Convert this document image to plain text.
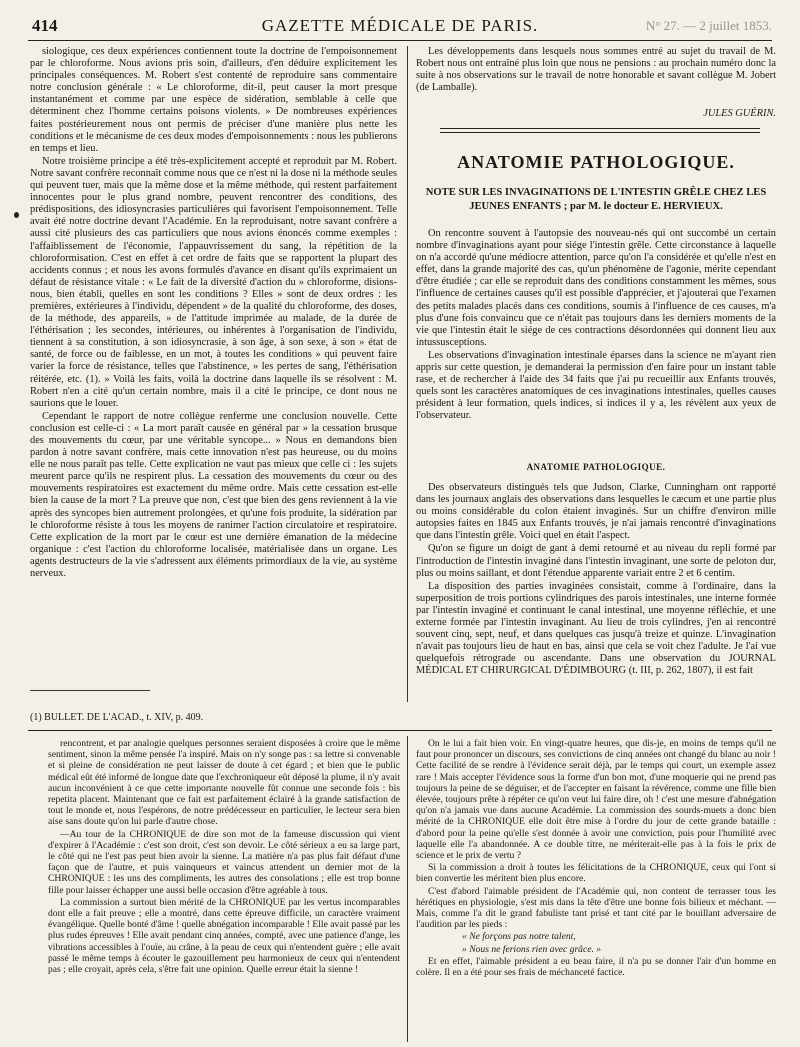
414	GAZETTE MÉDICALE DE PARIS.	N° 27. — 2 juillet 1853.

siologique, ces deux expériences contiennent toute la doctrine de l'empoisonnement par le chloroforme. Nous avions pris soin, d'ailleurs, d'en déduire explicitement les principales conséquences. M. Robert s'est contenté de reproduire sans commentaire notre conclusion générale : « Le chloroforme, dit-il, peut causer la mort presque instantanément et comme par une espèce de sidération, semblable à celle que déterminent chez l'homme certains poisons violents. » De nombreuses expériences faites postérieurement nous ont permis de préciser d'une manière plus nette les conditions et le mécanisme de ces deux modes d'empoisonnements : nous les publierons en temps et lieu.

Notre troisième principe a été très-explicitement accepté et reproduit par M. Robert. Notre savant confrère reconnaît comme nous que ce n'est ni la dose ni la méthode seules qui peuvent tuer, mais que la même dose et la même méthode, qui restent parfaitement innocentes pour le plus grand nombre, peuvent rencontrer des conditions, des prédispositions, des idiosyncrasies particulières qui favorisent l'empoisonnement. Telle avait été notre doctrine devant l'Académie. En la reproduisant, notre savant confrère a aussi cité plusieurs des cas particuliers que nous avions énoncés comme exemples : l'affaiblissement de l'économie, l'appauvrissement du sang, la répétition de la chloroformisation. C'est en effet à cet ordre de faits que se rapportent la plupart des accidents connus ; et nous les avons formulés d'avance en disant qu'ils exprimaient un défaut de résistance vitale : « Le fait de la diversité d'action du » chloroforme, disions-nous, bien établi, quelles en sont les conditions ? Elles » sont de deux ordres : les premières, extérieures à l'individu, dépendent » de la qualité du chloroforme, des doses, de la méthode, des appareils, » de l'attitude imprimée au malade, de la durée de l'éthérisation ; les secondes, intérieures, ou inhérentes à l'organisation de l'individu, tiennent à sa constitution, à son idiosyncrasie, à son âge, à son sexe, à son » état de santé, de force ou de faiblesse, en un mot, à toutes les conditions » qui peuvent faire varier la force de résistance, telles que l'abstinence, » les pertes de sang, l'éthérisation réitérée, etc. (1). » Voilà les faits, voilà la doctrine dans laquelle ils se résolvent : M. Robert n'en a cité qu'un certain nombre, mais il a cité le principe, ce dont nous ne saurions que le louer.

Cependant le rapport de notre collègue renferme une conclusion nouvelle. Cette conclusion est celle-ci : « La mort paraît causée en général par » la cessation brusque des mouvements du cœur, par une véritable syncope... » Nous en demandons bien pardon à notre savant confrère, mais cette innovation n'est pas heureuse, ou du moins elle ne nous paraît pas telle. Cette explication ne vaut pas mieux que celle ci : les sujets meurent parce qu'ils ne respirent plus. La cessation des mouvements du cœur ou des mouvements respiratoires est exactement du même ordre. Mais cette cessation est-elle bien la cause de la mort ? La preuve que non, c'est que bien des gens reviennent à la vie après des syncopes bien autrement prolongées, et qu'une fois produite, la sidération par le chloroforme résiste à tous les moyens de ranimer l'action circulatoire et respiratoire. Cette explication de la mort par le cœur est une dernière émanation de la médecine organique : c'est l'action du chloroforme localisée, matérialisée dans un organe. Les agents destructeurs de la vie s'adressent aux éléments primordiaux de la vie, au système nerveux.

Les développements dans lesquels nous sommes entré au sujet du travail de M. Robert nous ont entraîné plus loin que nous ne pensions : au prochain numéro donc la suite à nos observations sur le travail de notre honorable et savant collègue M. Jobert (de Lamballe).

JULES GUÉRIN.
ANATOMIE PATHOLOGIQUE.
NOTE SUR LES INVAGINATIONS DE L'INTESTIN GRÊLE CHEZ LES JEUNES ENFANTS ; par M. le docteur E. HERVIEUX.

On rencontre souvent à l'autopsie des nouveau-nés qui ont succombé un certain nombre d'invaginations ayant pour siége l'intestin grêle. Cette circonstance à laquelle on n'a accordé qu'une médiocre attention, parce qu'on l'a considérée et qu'elle n'est en effet, dans la grande majorité des cas, qu'un phénomène de l'agonie, mérite cependant d'être étudiée ; car elle se reproduit dans des conditions constamment les mêmes, sous l'influence de certaines causes qu'il est possible d'apprécier, et j'ajouterai que l'examen des petits malades placés dans ces conditions, soumis à l'influence de ces causes, m'a plus d'une fois convaincu que ce n'était pas toujours dans les derniers moments de la vie que l'intestin était le siége de ces contractions désordonnées qui donnent lieu aux intussusceptions.

Les observations d'invagination intestinale éparses dans la science ne m'ayant rien appris sur cette question, je demanderai la permission d'en faire pour un instant table rase, et de rechercher à l'aide des 34 faits que j'ai pu recueillir aux Enfants trouvés, quels sont les caractères anatomiques de ces invaginations intestinales, quelles causes président à leur formation, quels indices, si indices il y a, les révèlent aux yeux de l'observateur.

ANATOMIE PATHOLOGIQUE.

Des observateurs distingués tels que Judson, Clarke, Cunningham ont rapporté dans les journaux anglais des observations dans lesquelles le cæcum et une partie plus ou moins considérable du colon étaient invaginés. Sur un chiffre d'environ mille autopsies faites en 1845 aux Enfants trouvés, je n'ai jamais rencontré d'invaginations que dans l'intestin grêle. Voici quel en était l'aspect.

Qu'on se figure un doigt de gant à demi retourné et au niveau du repli formé par l'introduction de l'intestin invaginé dans l'intestin invaginant, une sorte de peloton dur, plus ou moins saillant, et dont l'étendue apparente variait entre 2 et 6 centim.

La disposition des parties invaginées consistait, comme à l'ordinaire, dans la superposition de trois portions cylindriques des parois intestinales, une interne formée par l'intestin invaginé et continuant le canal intestinal, une moyenne réfléchie, et une externe formée par l'intestin invaginant. Au lieu de trois cylindres, j'en ai rencontré souvent cinq, sept, neuf, et dans quelques cas jusqu'à treize et quinze. L'invagination n'avait pas toujours lieu de haut en bas, ainsi que cela se voit chez l'adulte. Je l'ai vue quelquefois rétrograde ou ascendante. Dans une observation du JOURNAL MÉDICAL ET CHIRURGICAL D'ÉDIMBOURG (t. III, p. 262, 1807), il est fait

(1) BULLET. DE L'ACAD., t. XIV, p. 409.

rencontrent, et par analogie quelques personnes seraient disposées à croire que le même sentiment, sinon la même pensée l'a inspiré. Mais on n'y songe pas : sa lettre si convenable et si pleine de considération ne peut laisser de doute à cet égard ; et bien que le public médical eût été informé de longue date que l'exchroniqueur eût déposé la plume, il n'y avait aucun inconvénient à ce que cette importante nouvelle fût connue une seconde fois : bis repetita placent. Maintenant que ce fait est parfaitement éclairé à la grande satisfaction de tout le monde et, nous l'espérons, de notre prédécesseur en particulier, le lecteur sera bien aise sans doute qu'on lui parle d'autre chose.

—Au tour de la CHRONIQUE de dire son mot de la fameuse discussion qui vient d'expirer à l'Académie : c'est son droit, c'est son devoir. Le côté sérieux a eu sa large part, le côté qui ne l'est pas peut bien avoir la sienne. La matière n'a pas plus fait défaut d'une façon que de l'autre, et puis vainqueurs et vaincus attendent un dernier mot de la CHRONIQUE : les uns des compliments, les autres des consolations ; elle est trop bonne fille pour laisser échapper une aussi belle occasion d'être agréable à tous.

La commission a surtout bien mérité de la CHRONIQUE par les vertus incomparables dont elle a fait preuve ; elle a montré, dans cette épreuve difficile, un caractère vraiment évangélique. Quelle bonté d'âme ! quelle abnégation incomparable ! Elle avait passé par les plus rudes épreuves ! Elle avait pendant cinq années, compté, avec une patience d'ange, les vibrations accessibles à l'ouïe, au crâne, à la peau de ceux qui n'entendent guère ; elle avait passé le même temps à écouter le gazouillement peu harmonieux de ceux qui n'entendent pas ; elle croyait, après cela, s'être fait une opinion. Quelle erreur était la sienne !

On le lui a fait bien voir. En vingt-quatre heures, que dis-je, en moins de temps qu'il ne faut pour prononcer un discours, ses convictions de cinq années ont changé du blanc au noir ! Cette facilité de se rendre à l'évidence serait déjà, par le temps qui court, un exemple assez rare ! Mais accepter l'évidence sous la forme d'un bon mot, d'une moquerie qui ne prend pas toujours la peine de se déguiser, et de l'accepter en faisant la révérence, comme une fille bien élevée, toujours prête à répéter ce qu'on veut lui faire dire, oh ! c'est une mesure d'abnégation qu'on n'a jamais vue dans aucune Académie. La commission des sourds-muets a donc bien mérité de la CHRONIQUE elle doit être mise à l'ordre du jour de cette grande bataille : d'abord pour la peine qu'elle s'est donnée à avoir une conviction, puis pour l'humilité avec laquelle elle l'a abandonnée. A ce double titre, ne mériterait-elle pas à la fois le prix de science et le prix de vertu ?

Si la commission a droit à toutes les félicitations de la CHRONIQUE, ceux qui l'ont si bien convertie les méritent bien plus encore.

C'est d'abord l'aimable président de l'Académie qui, non content de terrasser tous les hérétiques en physiologie, s'est mis dans la tête d'être une bonne fois bilieux et méchant. — Mais, comme l'a dit le grand fabuliste tant prisé et tant cité par le bouillant adversaire de l'audition par les pieds :

« Ne forçons pas notre talent,

» Nous ne ferions rien avec grâce. »

Et en effet, l'aimable président a eu beau faire, il n'a pu se donner l'air d'un homme en colère. Il en a été pour ses frais de méchanceté factice.
